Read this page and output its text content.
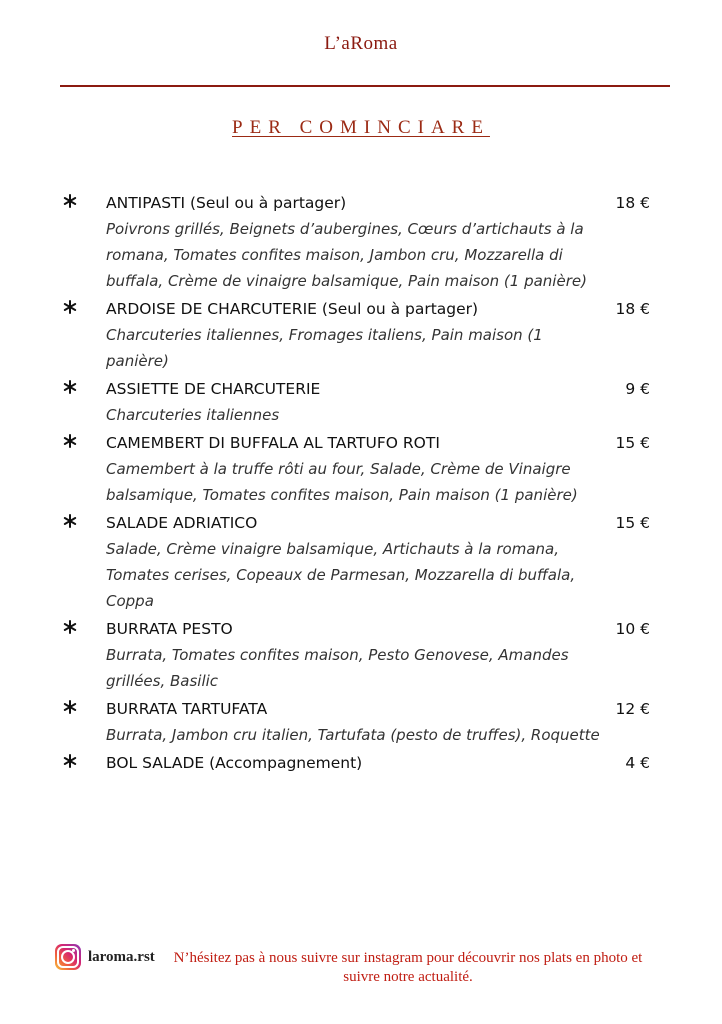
L’aRoma
PER COMINCIARE
ANTIPASTI (Seul ou à partager)	18 €

Poivrons grillés, Beignets d’aubergines, Cœurs d’artichauts à la romana, Tomates confites maison, Jambon cru, Mozzarella di buffala, Crème de vinaigre balsamique, Pain maison (1 panière)

ARDOISE DE CHARCUTERIE (Seul ou à partager)	18 €

Charcuteries italiennes, Fromages italiens, Pain maison (1 panière)

ASSIETTE DE CHARCUTERIE	9 €

Charcuteries italiennes

CAMEMBERT DI BUFFALA AL TARTUFO ROTI	15 €

Camembert à la truffe rôti au four, Salade, Crème de Vinaigre balsamique, Tomates confites maison, Pain maison (1 panière)

SALADE ADRIATICO	15 €

Salade, Crème vinaigre balsamique, Artichauts à la romana, Tomates cerises, Copeaux de Parmesan, Mozzarella di buffala, Coppa

BURRATA PESTO	10 €

Burrata, Tomates confites maison, Pesto Genovese, Amandes grillées, Basilic

BURRATA TARTUFATA	12 €

Burrata, Jambon cru italien, Tartufata (pesto de truffes), Roquette

BOL SALADE (Accompagnement)	4 €

laroma.rst	N’hésitez pas à nous suivre sur instagram pour découvrir nos plats en photo et suivre notre actualité.
